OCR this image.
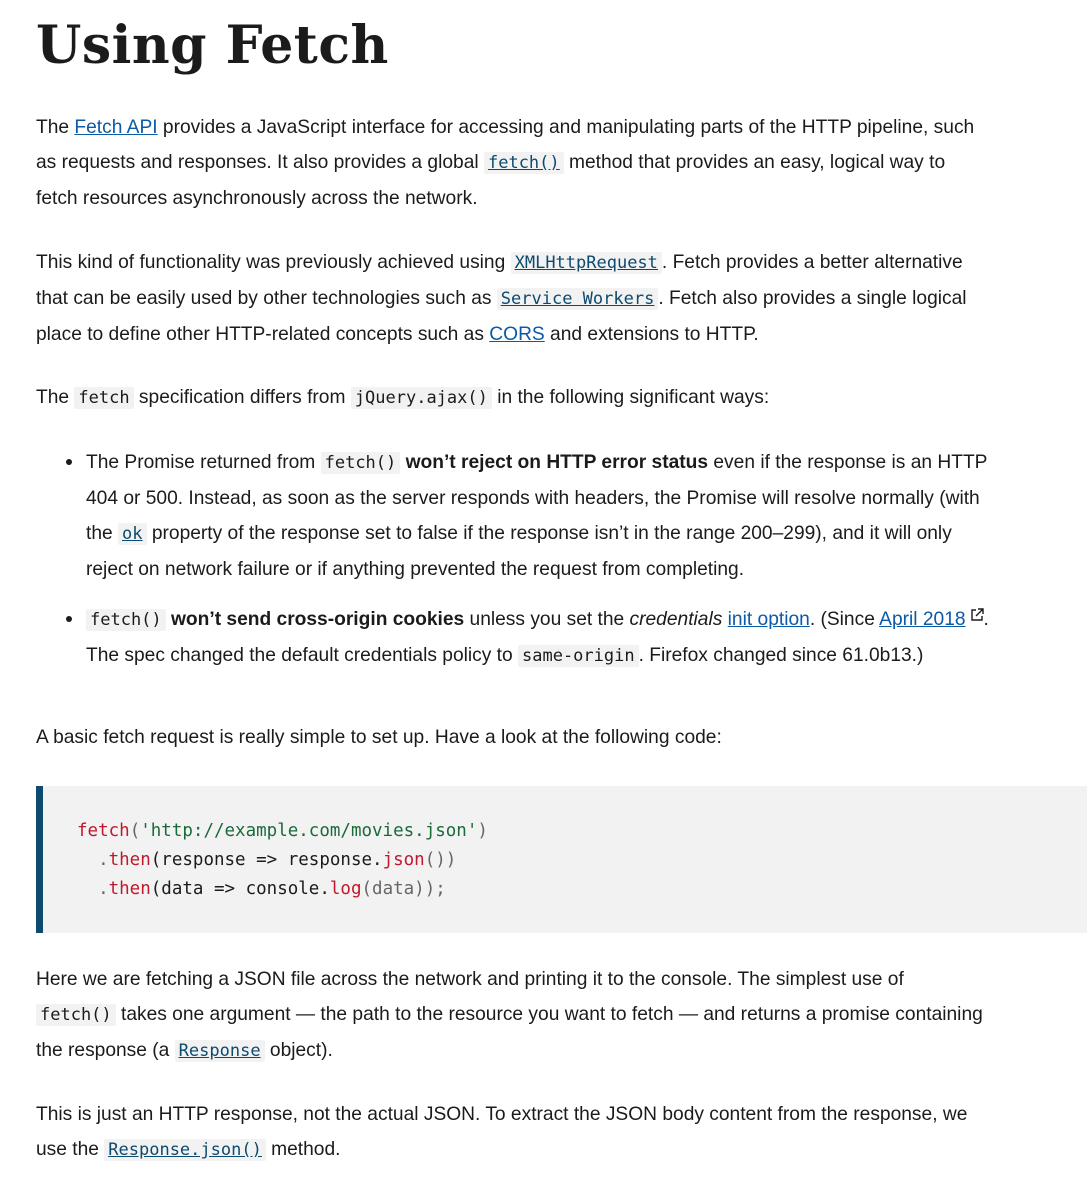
Using Fetch

The Fetch API provides a JavaScript interface for accessing and manipulating parts of the HTTP pipeline, such as requests and responses. It also provides a global fetch() method that provides an easy, logical way to fetch resources asynchronously across the network.

This kind of functionality was previously achieved using XMLHttpRequest . Fetch provides a better alternative that can be easily used by other technologies such as Service Workers . Fetch also provides a single logical place to define other HTTP-related concepts such as CORS and extensions to HTTP.

The fetch specification differs from jQuery.ajax() in the following significant ways:

The Promise returned from fetch() won’t reject on HTTP error status even if the response is an HTTP 404 or 500. Instead, as soon as the server responds with headers, the Promise will resolve normally (with the ok property of the response set to false if the response isn’t in the range 200–299), and it will only reject on network failure or if anything prevented the request from completing.
fetch() won’t send cross-origin cookies unless you set the credentials init option. (Since April 2018 . The spec changed the default credentials policy to same-origin . Firefox changed since 61.0b13.)

A basic fetch request is really simple to set up. Have a look at the following code:

fetch('http://example.com/movies.json')
.then(response => response.json())
.then(data => console.log(data));

Here we are fetching a JSON file across the network and printing it to the console. The simplest use of fetch() takes one argument — the path to the resource you want to fetch — and returns a promise containing the response (a Response object).

This is just an HTTP response, not the actual JSON. To extract the JSON body content from the response, we use the Response.json() method.
